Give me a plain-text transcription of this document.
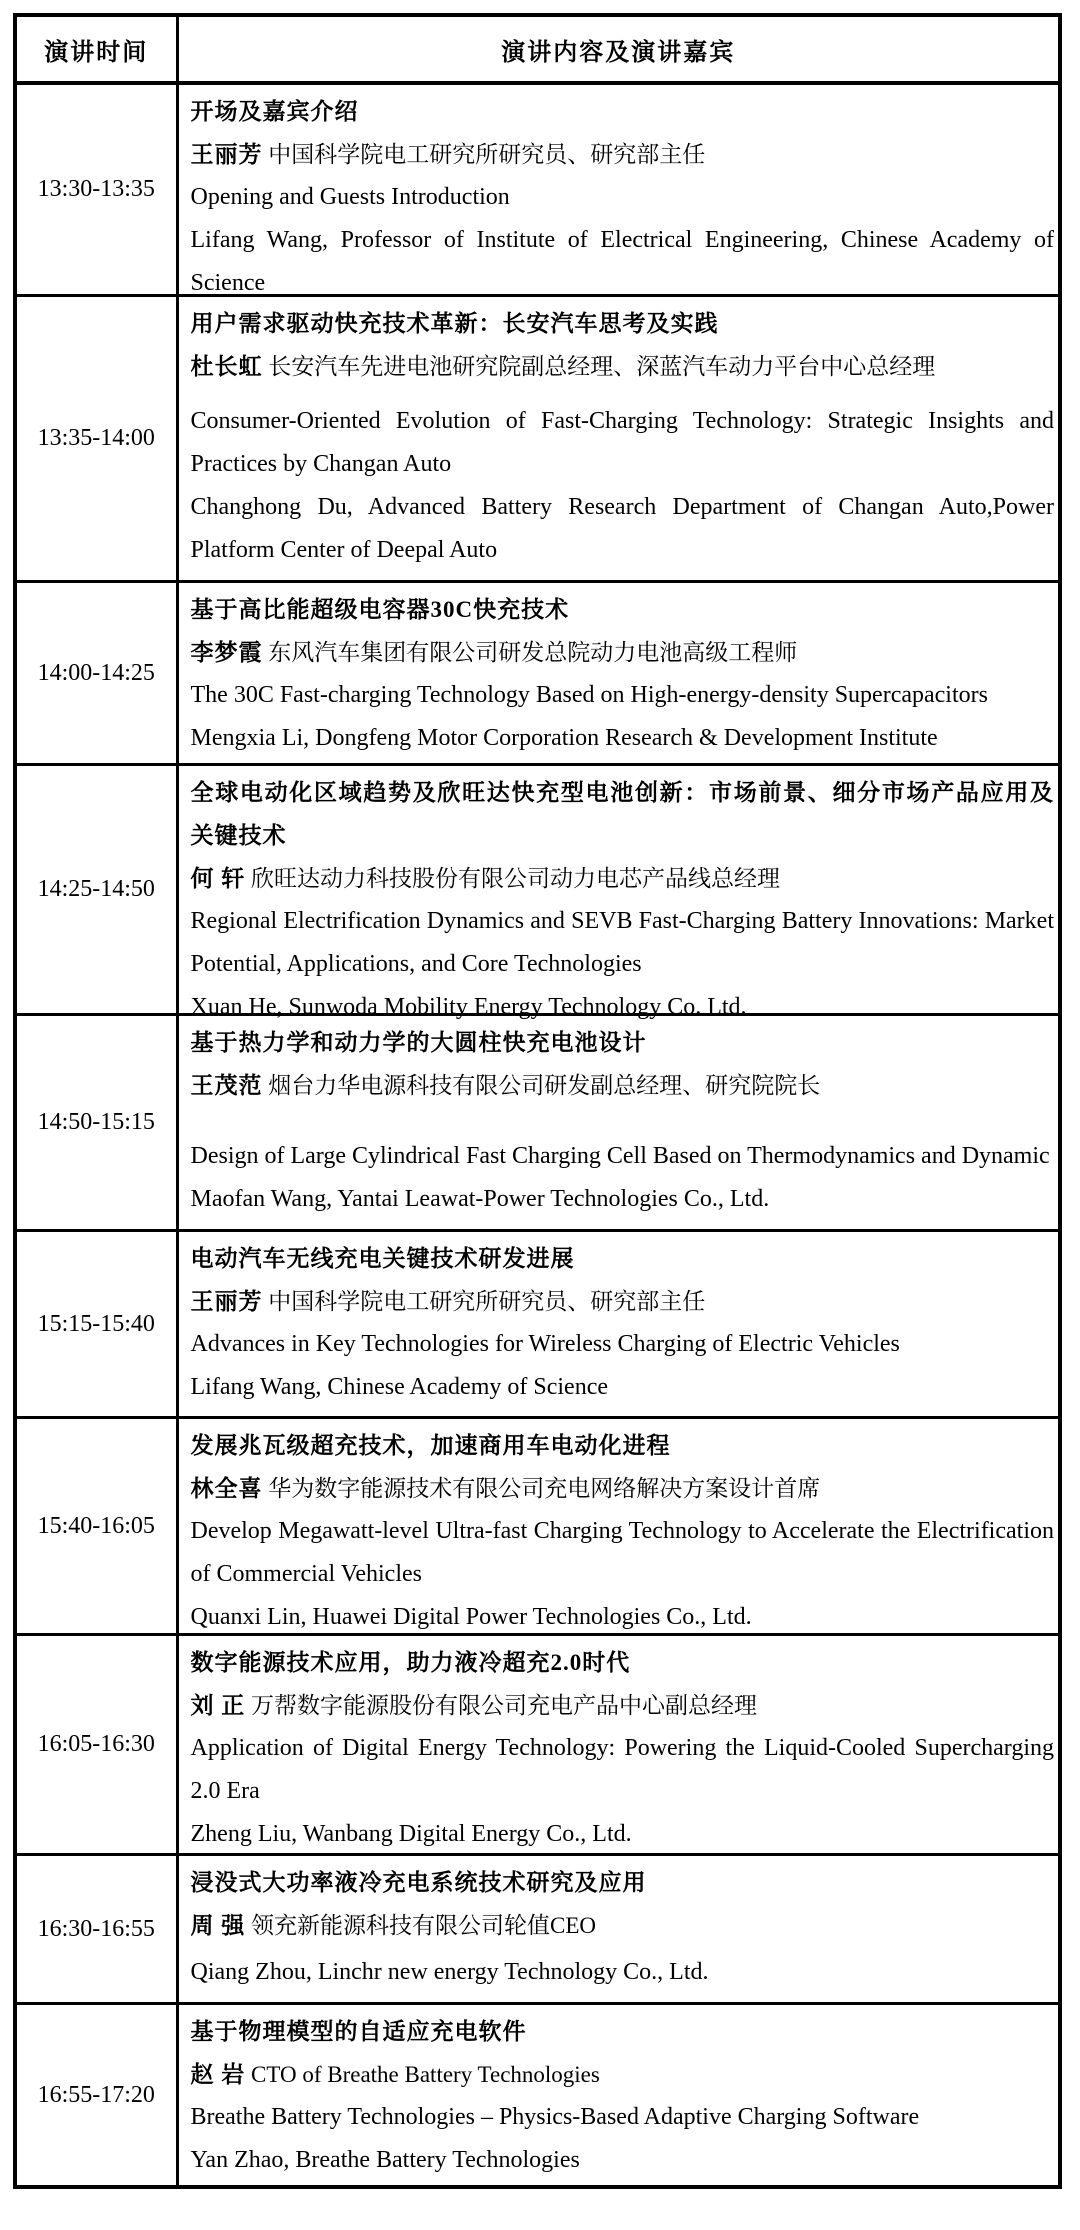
演讲时间	演讲内容及演讲嘉宾
13:30-13:35	开场及嘉宾介绍
王丽芳 中国科学院电工研究所研究员、研究部主任
Opening and Guests Introduction
Lifang Wang, Professor of Institute of Electrical Engineering, Chinese Academy of Science

13:35-14:00	用户需求驱动快充技术革新：长安汽车思考及实践
杜长虹 长安汽车先进电池研究院副总经理、深蓝汽车动力平台中心总经理
Consumer-Oriented Evolution of Fast-Charging Technology: Strategic Insights and Practices by Changan Auto
Changhong Du, Advanced Battery Research Department of Changan Auto,Power Platform Center of Deepal Auto

14:00-14:25	基于高比能超级电容器30C快充技术
李梦霞 东风汽车集团有限公司研发总院动力电池高级工程师
The 30C Fast-charging Technology Based on High-energy-density Supercapacitors
Mengxia Li, Dongfeng Motor Corporation Research & Development Institute

14:25-14:50	全球电动化区域趋势及欣旺达快充型电池创新：市场前景、细分市场产品应用及关键技术
何 轩 欣旺达动力科技股份有限公司动力电芯产品线总经理
Regional Electrification Dynamics and SEVB Fast-Charging Battery Innovations: Market Potential, Applications, and Core Technologies
Xuan He, Sunwoda Mobility Energy Technology Co. Ltd.

14:50-15:15	基于热力学和动力学的大圆柱快充电池设计
王茂范 烟台力华电源科技有限公司研发副总经理、研究院院长
Design of Large Cylindrical Fast Charging Cell Based on Thermodynamics and Dynamic
Maofan Wang, Yantai Leawat-Power Technologies Co., Ltd.

15:15-15:40	电动汽车无线充电关键技术研发进展
王丽芳 中国科学院电工研究所研究员、研究部主任
Advances in Key Technologies for Wireless Charging of Electric Vehicles
Lifang Wang, Chinese Academy of Science

15:40-16:05	发展兆瓦级超充技术，加速商用车电动化进程
林全喜 华为数字能源技术有限公司充电网络解决方案设计首席
Develop Megawatt-level Ultra-fast Charging Technology to Accelerate the Electrification of Commercial Vehicles
Quanxi Lin, Huawei Digital Power Technologies Co., Ltd.

16:05-16:30	数字能源技术应用，助力液冷超充2.0时代
刘 正 万帮数字能源股份有限公司充电产品中心副总经理
Application of Digital Energy Technology: Powering the Liquid-Cooled Supercharging 2.0 Era
Zheng Liu, Wanbang Digital Energy Co., Ltd.

16:30-16:55	浸没式大功率液冷充电系统技术研究及应用
周 强 领充新能源科技有限公司轮值CEO
Qiang Zhou, Linchr new energy Technology Co., Ltd.

16:55-17:20	基于物理模型的自适应充电软件
赵 岩 CTO of Breathe Battery Technologies
Breathe Battery Technologies – Physics-Based Adaptive Charging Software
Yan Zhao, Breathe Battery Technologies
